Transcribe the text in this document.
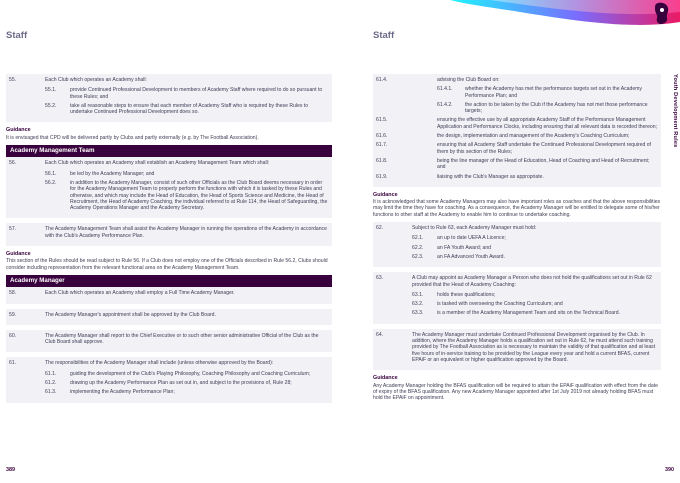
Staff
55.	Each Club which operates an Academy shall:
55.1.	provide Continued Professional Development to members of Academy Staff where required to do so pursuant to these Rules; and
55.2.	take all reasonable steps to ensure that each member of Academy Staff who is required by these Rules to undertake Continued Professional Development does so.
Guidance
It is envisaged that CPD will be delivered partly by Clubs and partly externally (e.g. by The Football Association).
Academy Management Team
56.	Each Club which operates an Academy shall establish an Academy Management Team which shall:
56.1.	be led by the Academy Manager; and
56.2.	in addition to the Academy Manager, consist of such other Officials as the Club Board deems necessary in order for the Academy Management Team to properly perform the functions with which it is tasked by these Rules and otherwise, and which may include the Head of Education, the Head of Sports Science and Medicine, the Head of Recruitment, the Head of Academy Coaching, the individual referred to at Rule 114, the Head of Safeguarding, the Academy Operations Manager and the Academy Secretary.
57.	The Academy Management Team shall assist the Academy Manager in running the operations of the Academy in accordance with the Club's Academy Performance Plan.
Guidance
This section of the Rules should be read subject to Rule 56. If a Club does not employ one of the Officials described in Rule 56.2, Clubs should consider including representation from the relevant functional area on the Academy Management Team.
Academy Manager
58.	Each Club which operates an Academy shall employ a Full Time Academy Manager.
59.	The Academy Manager's appointment shall be approved by the Club Board.
60.	The Academy Manager shall report to the Chief Executive or to such other senior administrative Official of the Club as the Club Board shall approve.
61.	The responsibilities of the Academy Manager shall include (unless otherwise approved by the Board):
61.1.	guiding the development of the Club's Playing Philosophy, Coaching Philosophy and Coaching Curriculum;
61.2.	drawing up the Academy Performance Plan as set out in, and subject to the provisions of, Rule 28;
61.3.	implementing the Academy Performance Plan;
389
Staff
Youth Development Rules
61.4.	advising the Club Board on:
61.4.1.	whether the Academy has met the performance targets set out in the Academy Performance Plan; and
61.4.2.	the action to be taken by the Club if the Academy has not met those performance targets;
61.5.	ensuring the effective use by all appropriate Academy Staff of the Performance Management Application and Performance Clocks, including ensuring that all relevant data is recorded thereon;
61.6.	the design, implementation and management of the Academy's Coaching Curriculum;
61.7.	ensuring that all Academy Staff undertake the Continued Professional Development required of them by this section of the Rules;
61.8.	being the line manager of the Head of Education, Head of Coaching and Head of Recruitment; and
61.9.	liaising with the Club's Manager as appropriate.
Guidance
It is acknowledged that some Academy Managers may also have important roles as coaches and that the above responsibilities may limit the time they have for coaching. As a consequence, the Academy Manager will be entitled to delegate some of his/her functions to other staff at the Academy to enable him to continue to undertake coaching.
62.	Subject to Rule 63, each Academy Manager must hold:
62.1.	an up to date UEFA A Licence;
62.2.	an FA Youth Award; and
62.3.	an FA Advanced Youth Award.
63.	A Club may appoint as Academy Manager a Person who does not hold the qualifications set out in Rule 62 provided that the Head of Academy Coaching:
63.1.	holds these qualifications;
63.2.	is tasked with overseeing the Coaching Curriculum; and
63.3.	is a member of the Academy Management Team and sits on the Technical Board.
64.	The Academy Manager must undertake Continued Professional Development organised by the Club. In addition, where the Academy Manager holds a qualification set out in Rule 62, he must attend such training provided by The Football Association as is necessary to maintain the validity of that qualification and at least five hours of in-service training to be provided by the League every year and hold a current BFAS, current EPAiF or an equivalent or higher qualification approved by the Board.
Guidance
Any Academy Manager holding the BFAS qualification will be required to attain the EPAiF qualification with effect from the date of expiry of the BFAS qualification. Any new Academy Manager appointed after 1st July 2019 not already holding BFAS must hold the EPAiF on appointment.
390
